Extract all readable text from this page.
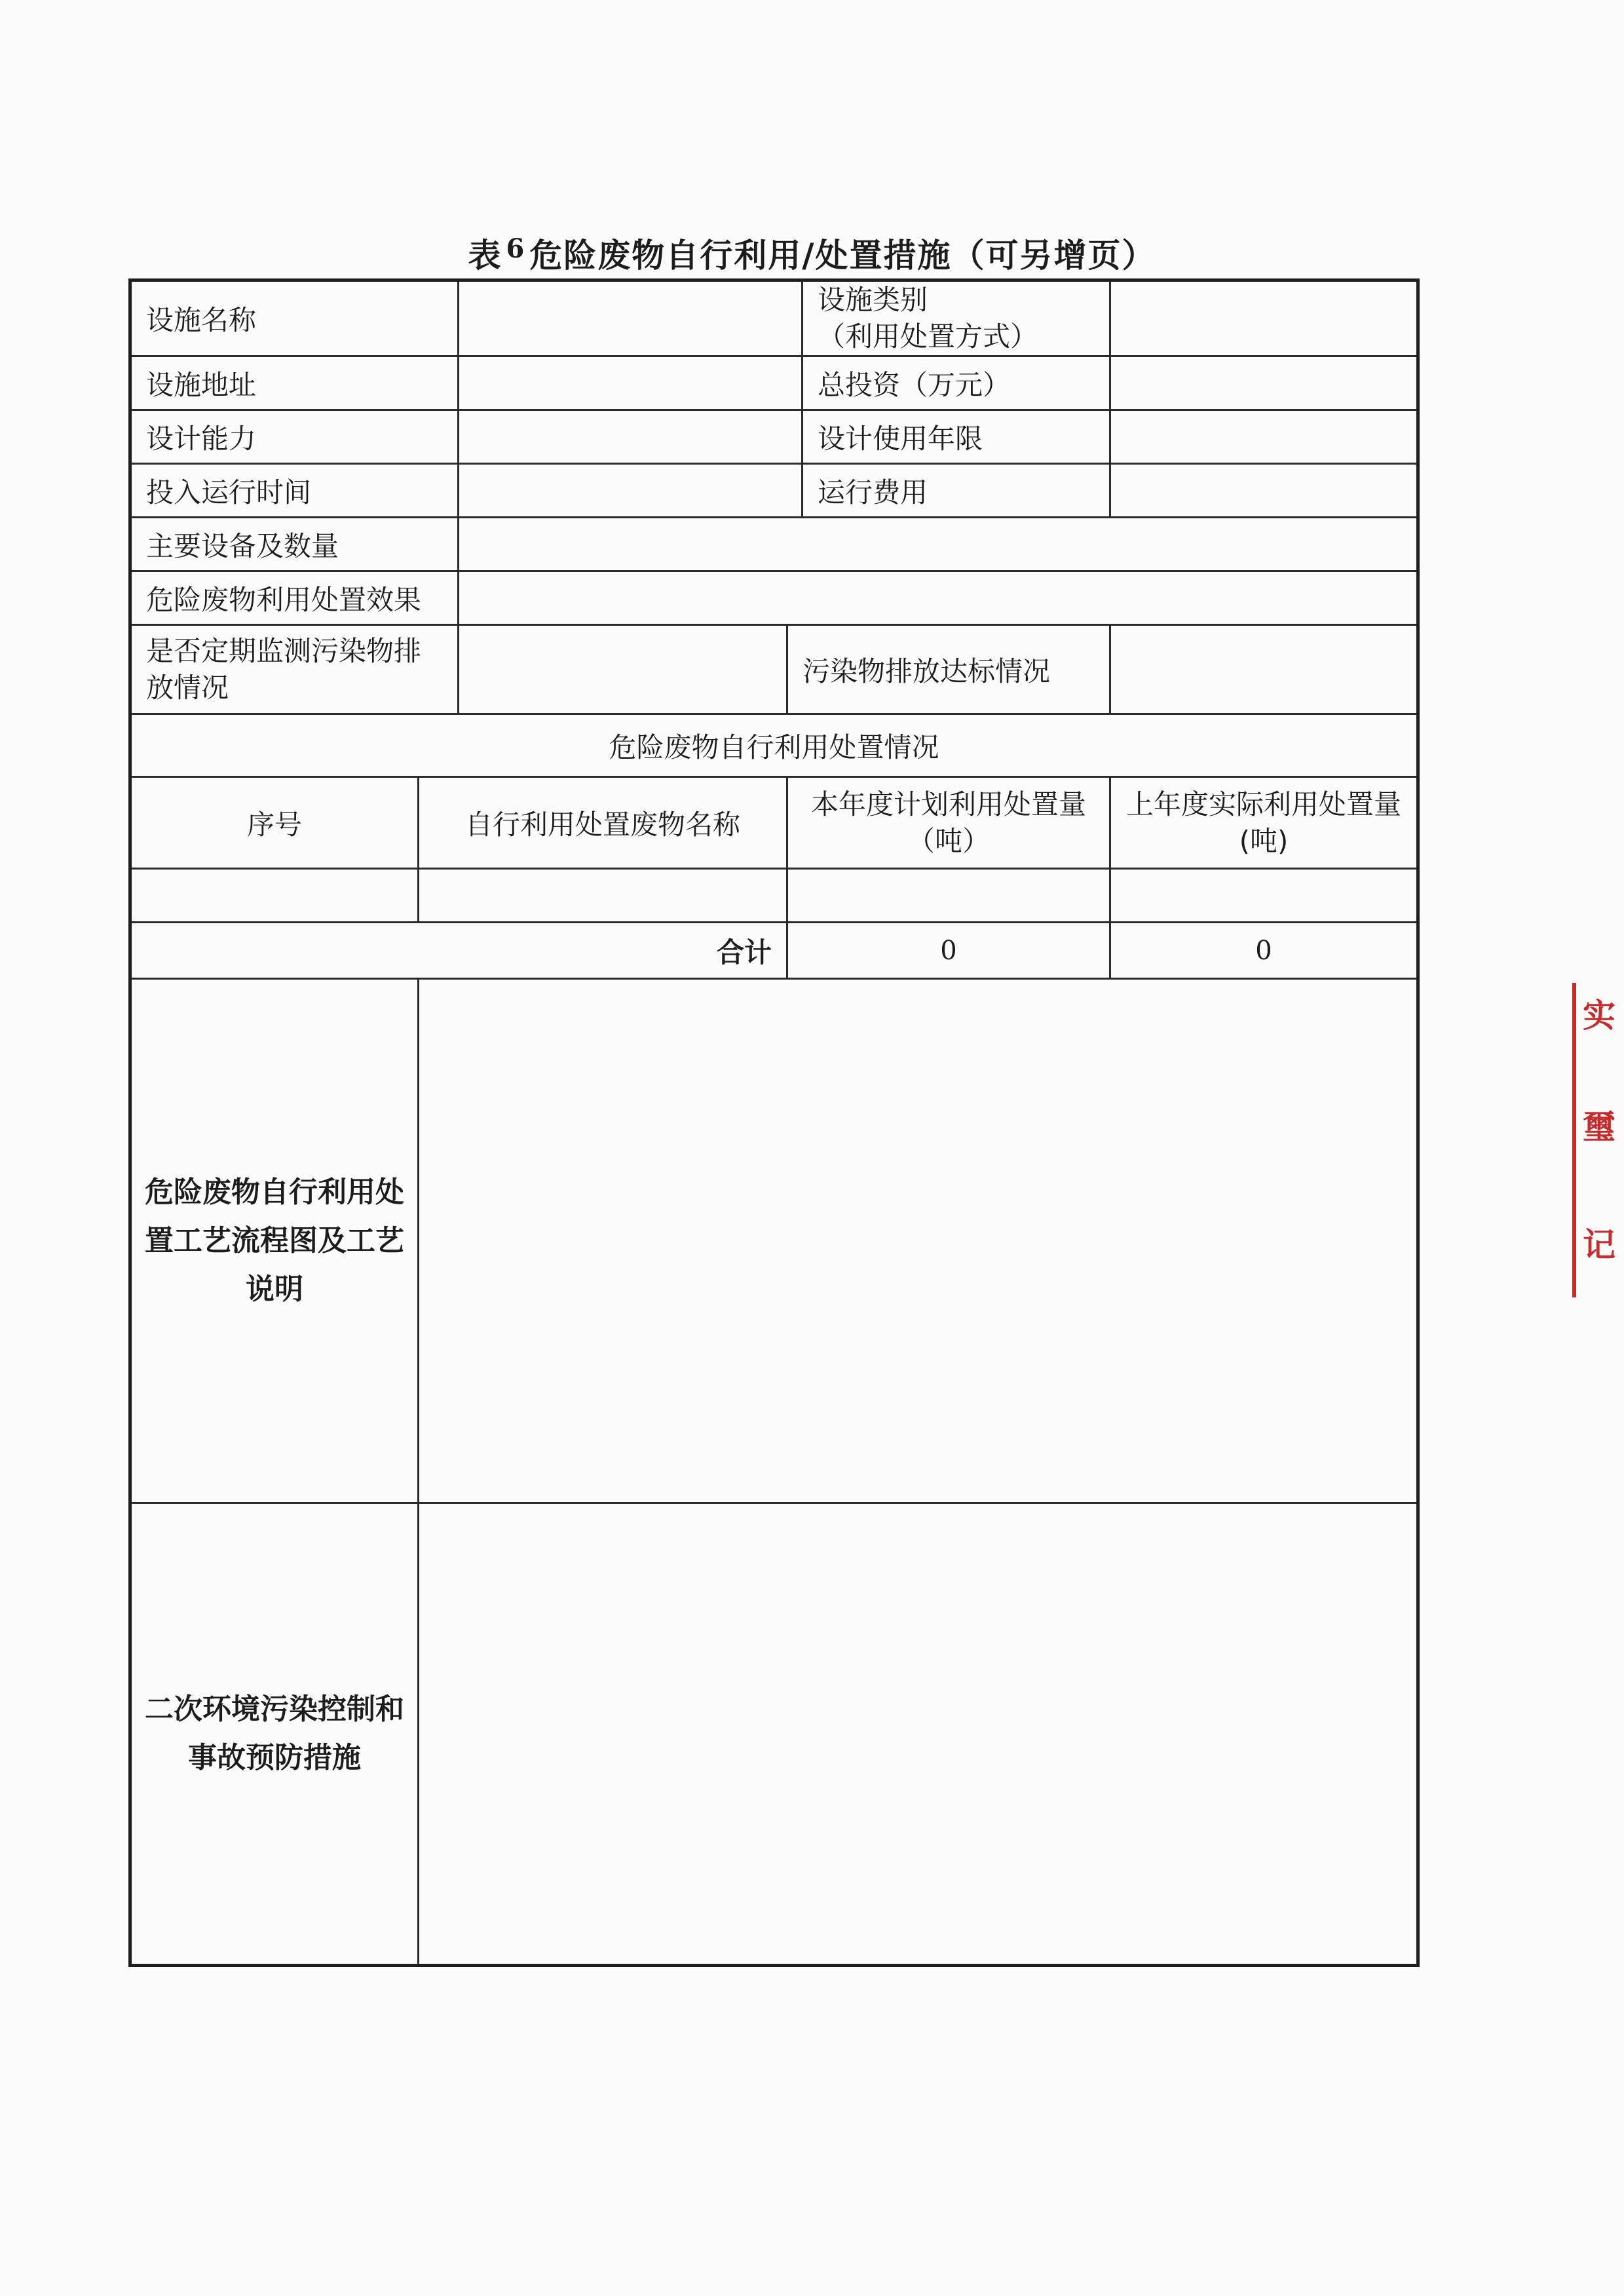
表 $^6$ 危险废物自行利用/处置措施（可另增页）
设施名称				设施类别
（利用处置方式）	

设施地址				总投资（万元）	
设计能力				设计使用年限	
投入运行时间				运行费用	
主要设备及数量					
危险废物利用处置效果					
是否定期监测污染物排放情况			污染物排放达标情况		
危险废物自行利用处置情况					
序号	自行利用处置废物名称		本年度计划利用处置量（吨）		上年度实际利用处置量(吨)

合计			0		0
危险废物自行利用处置工艺流程图及工艺说明					
二次环境污染控制和事故预防措施					
实
璽
记
